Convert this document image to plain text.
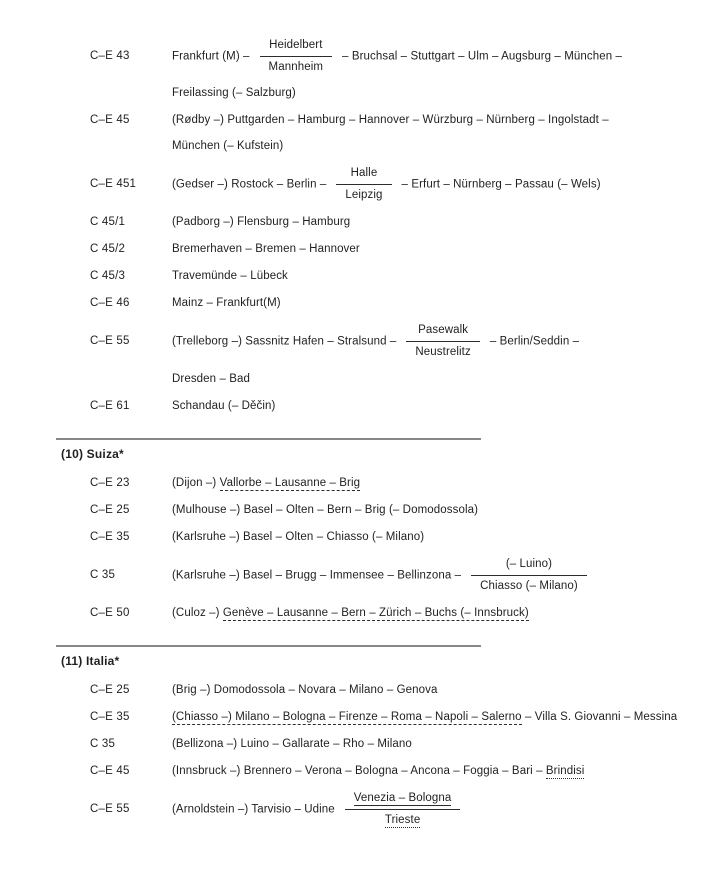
C–E 43	Frankfurt $(M) - \frac{\text{Heidelbert}}{\text{Mannheim}}$ – Bruchsal – Stuttgart – Ulm – Augsburg – München –
Freilassing (– Salzburg)
C–E 45	(Rødby –) Puttgarden – Hamburg – Hannover – Würzburg – Nürnberg – Ingolstadt –
München (– Kufstein)
C–E 451	(Gedser –) Rostock – Berlin – $\frac{\text{Halle}}{\text{Leipzig}}$ – Erfurt – Nürnberg – Passau (– Wels)
C 45/1	(Padborg –) Flensburg – Hamburg
C 45/2	Bremerhaven – Bremen – Hannover
C 45/3	Travemünde – Lübeck
C–E 46	Mainz – Frankfurt(M)
C–E 55	(Trelleborg –) Sassnitz Hafen – Stralsund – $\frac{\text{Pasewalk}}{\text{Neustrelitz}}$ – Berlin/Seddin –
Dresden – Bad
C–E 61	Schandau (– Děčin)
(10) Suiza*
C–E 23	(Dijon –) Vallorbe – Lausanne – Brig
C–E 25	(Mulhouse –) Basel – Olten – Bern – Brig (– Domodossola)
C–E 35	(Karlsruhe –) Basel – Olten – Chiasso (– Milano)
C 35	(Karlsruhe –) Basel – Brugg – Immensee – Bellinzona – $\frac{\text{(– Luino)}}{\text{Chiasso (– Milano)}}$
C–E 50	(Culoz –) Genève – Lausanne – Bern – Zürich – Buchs (– Innsbruck)
(11) Italia*
C–E 25	(Brig –) Domodossola – Novara – Milano – Genova
C–E 35	(Chiasso –) Milano – Bologna – Firenze – Roma – Napoli – Salerno – Villa S. Giovanni – Messina
C 35	(Bellizona –) Luino – Gallarate – Rho – Milano
C–E 45	(Innsbruck –) Brennero – Verona – Bologna – Ancona – Foggia – Bari – Brindisi
C–E 55	(Arnoldstein –) Tarvisio – Udine $\frac{\text{Venezia – Bologna}}{\text{Trieste}}$
